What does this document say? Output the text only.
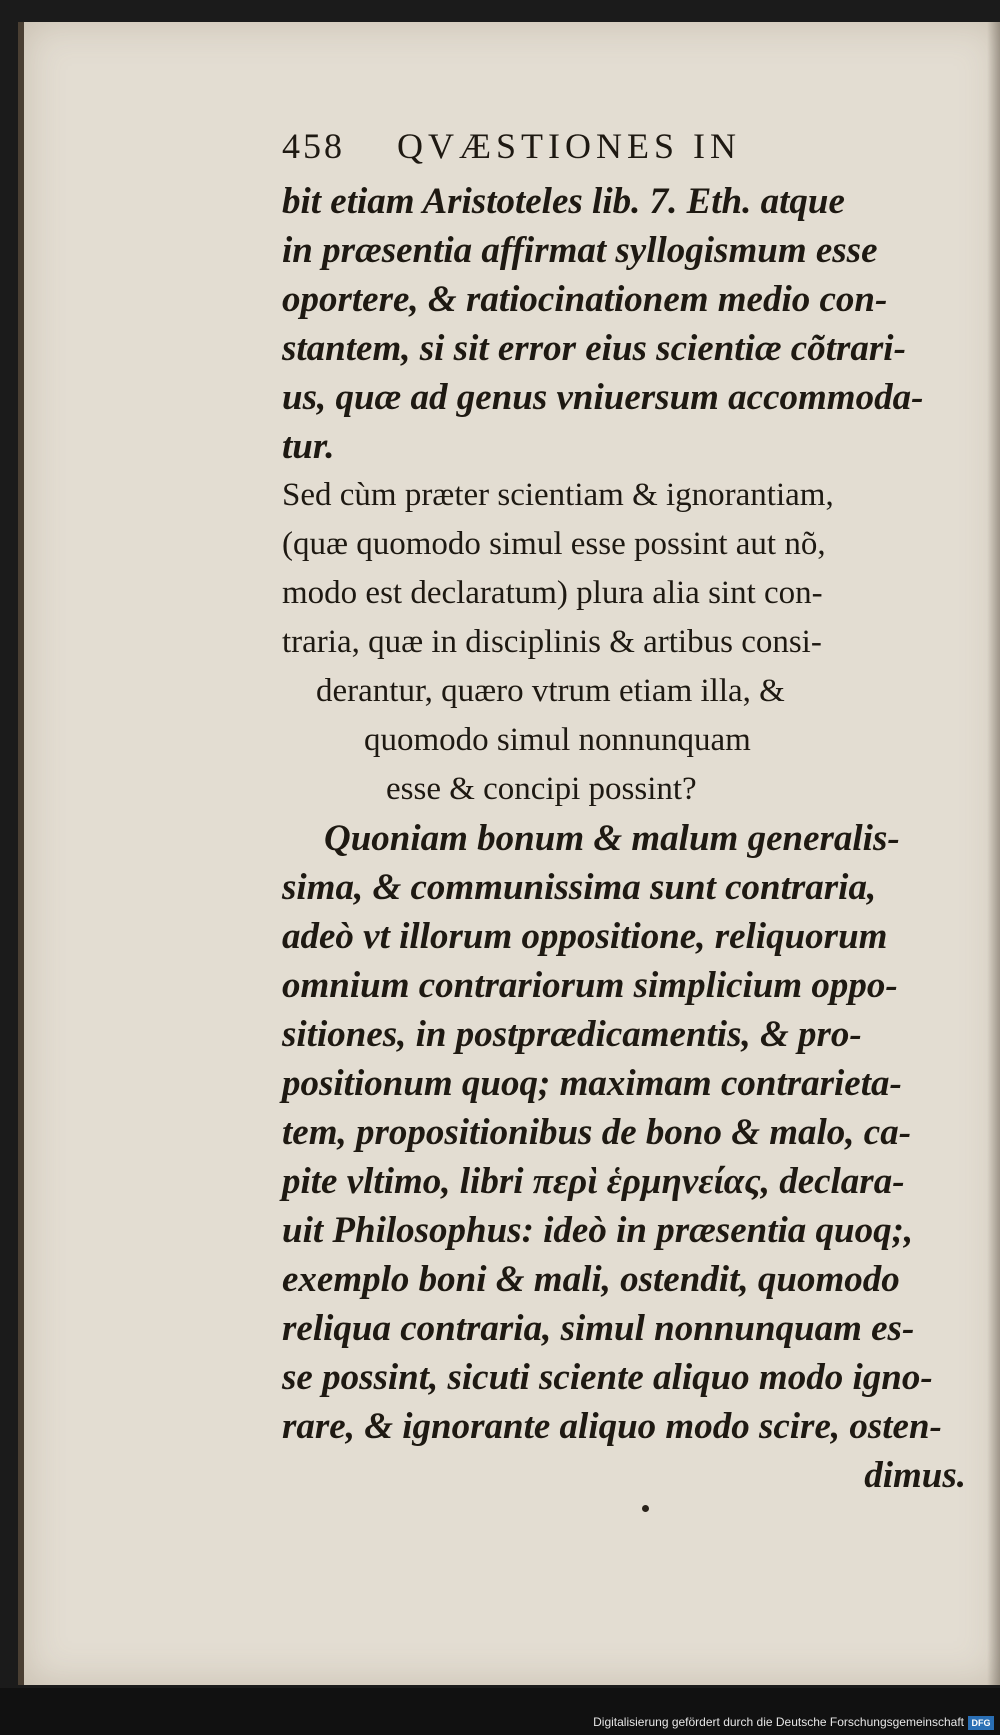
458 QVÆSTIONES IN
bit etiam Aristoteles lib. 7. Eth. atque
in præsentia affirmat syllogismum esse
oportere, & ratiocinationem medio con-
stantem, si sit error eius scientiæ cõtrari-
us, quæ ad genus vniuersum accommoda-
tur.
Sed cùm præter scientiam & ignorantiam,
(quæ quomodo simul esse possint aut nõ,
modo est declaratum) plura alia sint con-
traria, quæ in disciplinis & artibus consi-
derantur, quæro vtrum etiam illa, &
quomodo simul nonnunquam
esse & concipi possint?
Quoniam bonum & malum generalis-
sima, & communissima sunt contraria,
adeò vt illorum oppositione, reliquorum
omnium contrariorum simplicium oppo-
sitiones, in postprædicamentis, & pro-
positionum quoq; maximam contrarieta-
tem, propositionibus de bono & malo, ca-
pite vltimo, libri περὶ ἑρμηνείας, declara-
uit Philosophus: ideò in præsentia quoq;,
exemplo boni & mali, ostendit, quomodo
reliqua contraria, simul nonnunquam es-
se possint, sicuti sciente aliquo modo igno-
rare, & ignorante aliquo modo scire, osten-
dimus.
Digitalisierung gefördert durch die Deutsche Forschungsgemeinschaft DFG
